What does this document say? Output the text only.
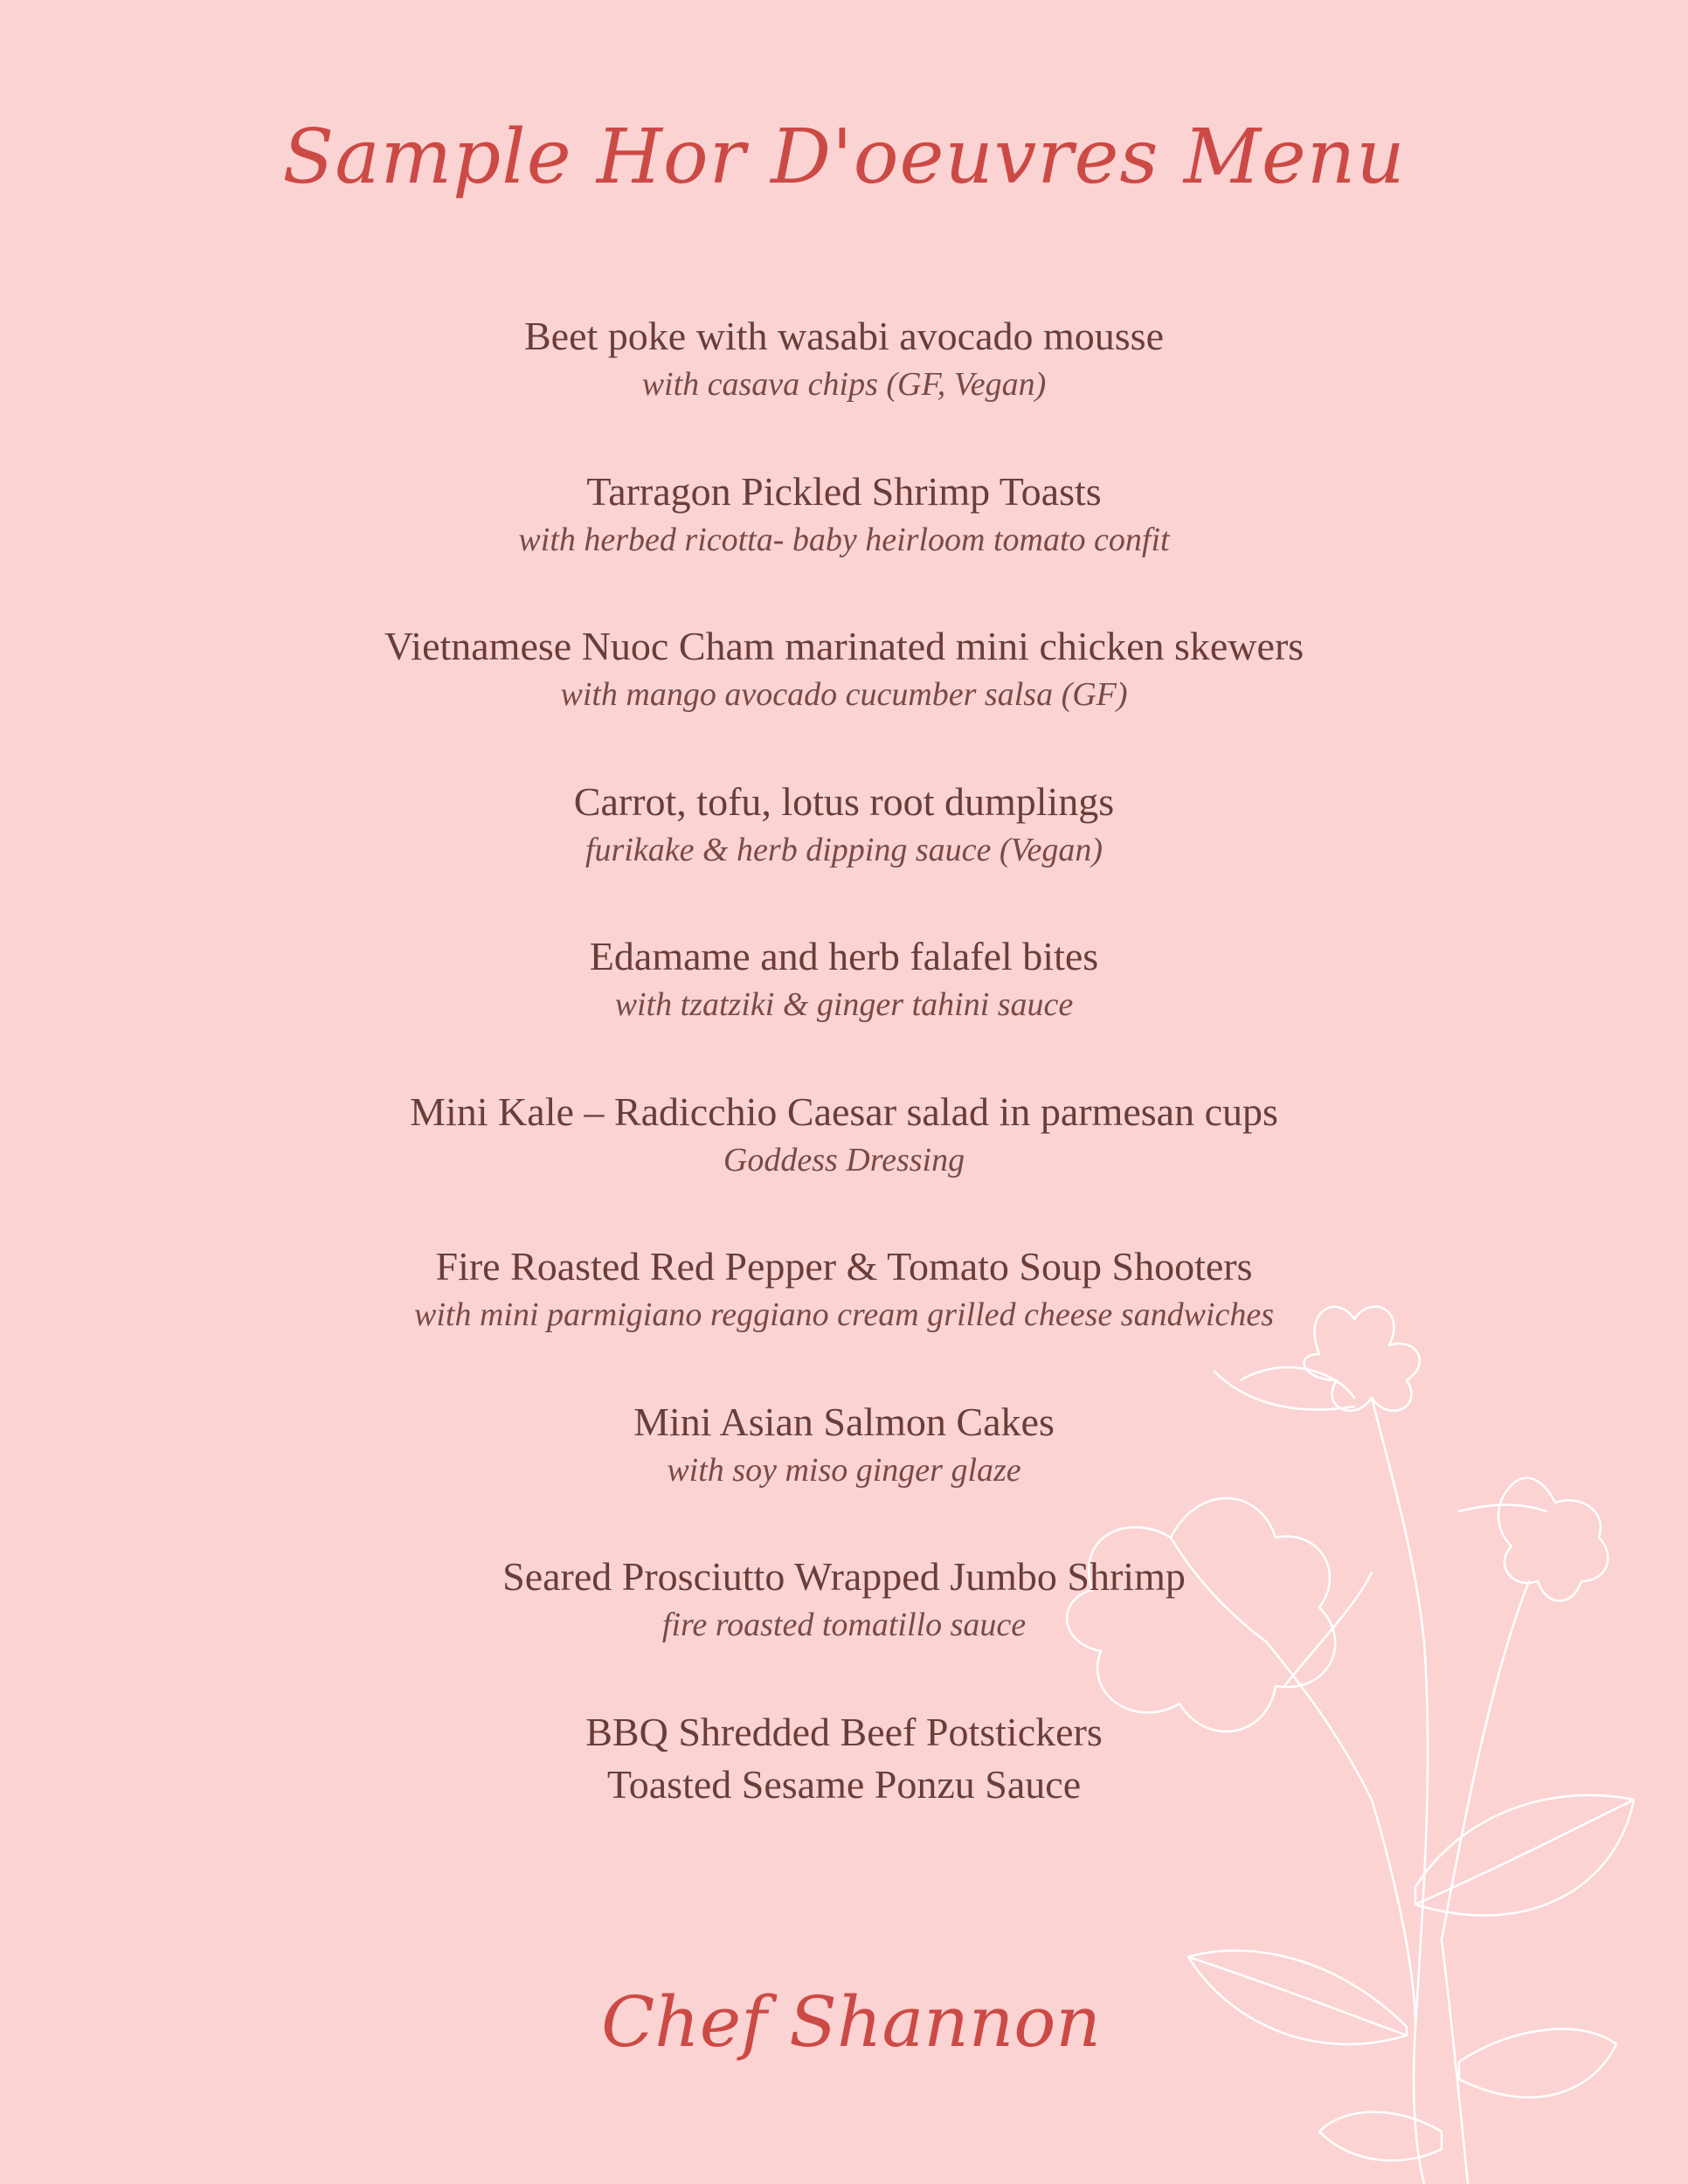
Sample Hor D'oeuvres Menu
Beet poke with wasabi avocado mousse
with casava chips (GF, Vegan)
Tarragon Pickled Shrimp Toasts
with herbed ricotta- baby heirloom tomato confit
Vietnamese Nuoc Cham marinated mini chicken skewers
with mango avocado cucumber salsa (GF)
Carrot, tofu, lotus root dumplings
furikake & herb dipping sauce (Vegan)
Edamame and herb falafel bites
with tzatziki & ginger tahini sauce
Mini Kale – Radicchio Caesar salad in parmesan cups
Goddess Dressing
Fire Roasted Red Pepper & Tomato Soup Shooters
with mini parmigiano reggiano cream grilled cheese sandwiches
Mini Asian Salmon Cakes
with soy miso ginger glaze
Seared Prosciutto Wrapped Jumbo Shrimp
fire roasted tomatillo sauce
BBQ Shredded Beef Potstickers
Toasted Sesame Ponzu Sauce
Chef Shannon
